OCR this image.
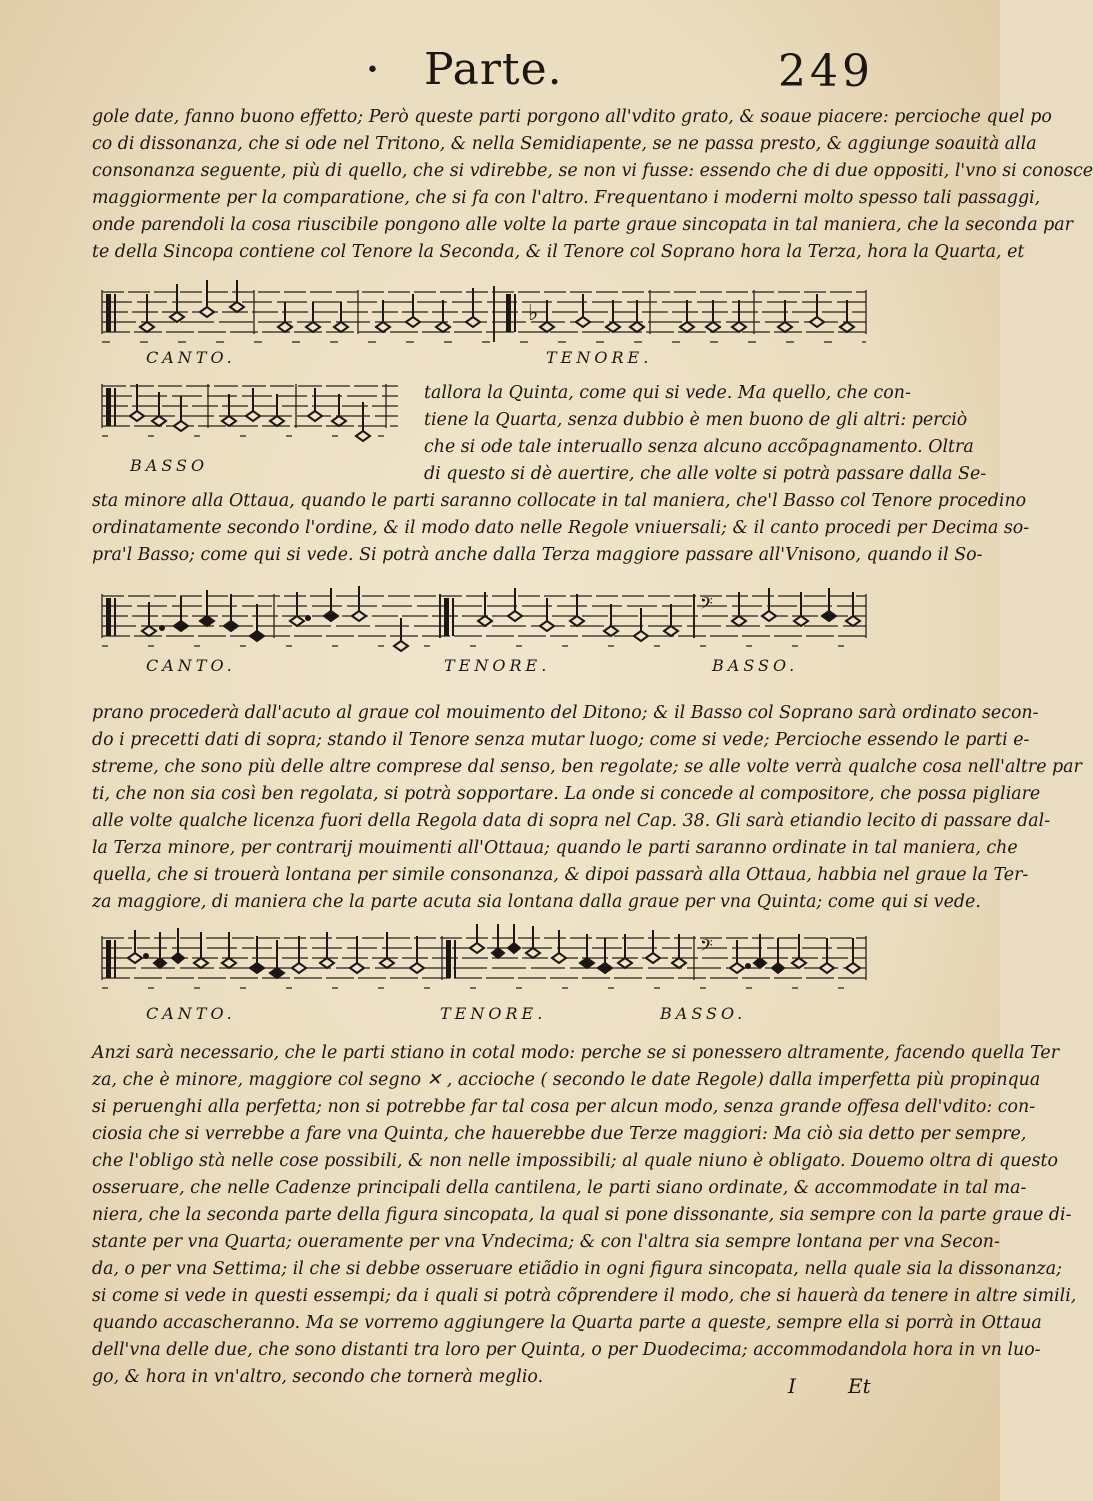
• Parte.	249
gole date, fanno buono effetto; Però queste parti porgono all'vdito grato, & soaue piacere: percioche quel po
co di dissonanza, che si ode nel Tritono, & nella Semidiapente, se ne passa presto, & aggiunge soauità alla
consonanza seguente, più di quello, che si vdirebbe, se non vi fusse: essendo che di due oppositi, l'vno si conosce
maggiormente per la comparatione, che si fa con l'altro. Frequentano i moderni molto spesso tali passaggi,
onde parendoli la cosa riuscibile pongono alle volte la parte graue sincopata in tal maniera, che la seconda par
te della Sincopa contiene col Tenore la Seconda, & il Tenore col Soprano hora la Terza, hora la Quarta, et
♭
CANTO.	TENORE.
BASSO
tallora la Quinta, come qui si vede. Ma quello, che con-
tiene la Quarta, senza dubbio è men buono de gli altri: perciò
che si ode tale interuallo senza alcuno accõpagnamento. Oltra
di questo si dè auertire, che alle volte si potrà passare dalla Se-
sta minore alla Ottaua, quando le parti saranno collocate in tal maniera, che'l Basso col Tenore procedino
ordinatamente secondo l'ordine, & il modo dato nelle Regole vniuersali; & il canto procedi per Decima so-
pra'l Basso; come qui si vede. Si potrà anche dalla Terza maggiore passare all'Vnisono, quando il So-
𝄢
CANTO.	TENORE.	BASSO.
prano procederà dall'acuto al graue col mouimento del Ditono; & il Basso col Soprano sarà ordinato secon-
do i precetti dati di sopra; stando il Tenore senza mutar luogo; come si vede; Percioche essendo le parti e-
streme, che sono più delle altre comprese dal senso, ben regolate; se alle volte verrà qualche cosa nell'altre par
ti, che non sia così ben regolata, si potrà sopportare. La onde si concede al compositore, che possa pigliare
alle volte qualche licenza fuori della Regola data di sopra nel Cap. 38. Gli sarà etiandio lecito di passare dal-
la Terza minore, per contrarij mouimenti all'Ottaua; quando le parti saranno ordinate in tal maniera, che
quella, che si trouerà lontana per simile consonanza, & dipoi passarà alla Ottaua, habbia nel graue la Ter-
za maggiore, di maniera che la parte acuta sia lontana dalla graue per vna Quinta; come qui si vede.
𝄢
CANTO.	TENORE.	BASSO.
Anzi sarà necessario, che le parti stiano in cotal modo: perche se si ponessero altramente, facendo quella Ter
za, che è minore, maggiore col segno ✕ , accioche ( secondo le date Regole) dalla imperfetta più propinqua
si peruenghi alla perfetta; non si potrebbe far tal cosa per alcun modo, senza grande offesa dell'vdito: con-
ciosia che si verrebbe a fare vna Quinta, che hauerebbe due Terze maggiori: Ma ciò sia detto per sempre,
che l'obligo stà nelle cose possibili, & non nelle impossibili; al quale niuno è obligato. Douemo oltra di questo
osseruare, che nelle Cadenze principali della cantilena, le parti siano ordinate, & accommodate in tal ma-
niera, che la seconda parte della figura sincopata, la qual si pone dissonante, sia sempre con la parte graue di-
stante per vna Quarta; oueramente per vna Vndecima; & con l'altra sia sempre lontana per vna Secon-
da, o per vna Settima; il che si debbe osseruare etiãdio in ogni figura sincopata, nella quale sia la dissonanza;
si come si vede in questi essempi; da i quali si potrà cõprendere il modo, che si hauerà da tenere in altre simili,
quando accascheranno. Ma se vorremo aggiungere la Quarta parte a queste, sempre ella si porrà in Ottaua
dell'vna delle due, che sono distanti tra loro per Quinta, o per Duodecima; accommodandola hora in vn luo-
go, & hora in vn'altro, secondo che tornerà meglio.	I	Et
